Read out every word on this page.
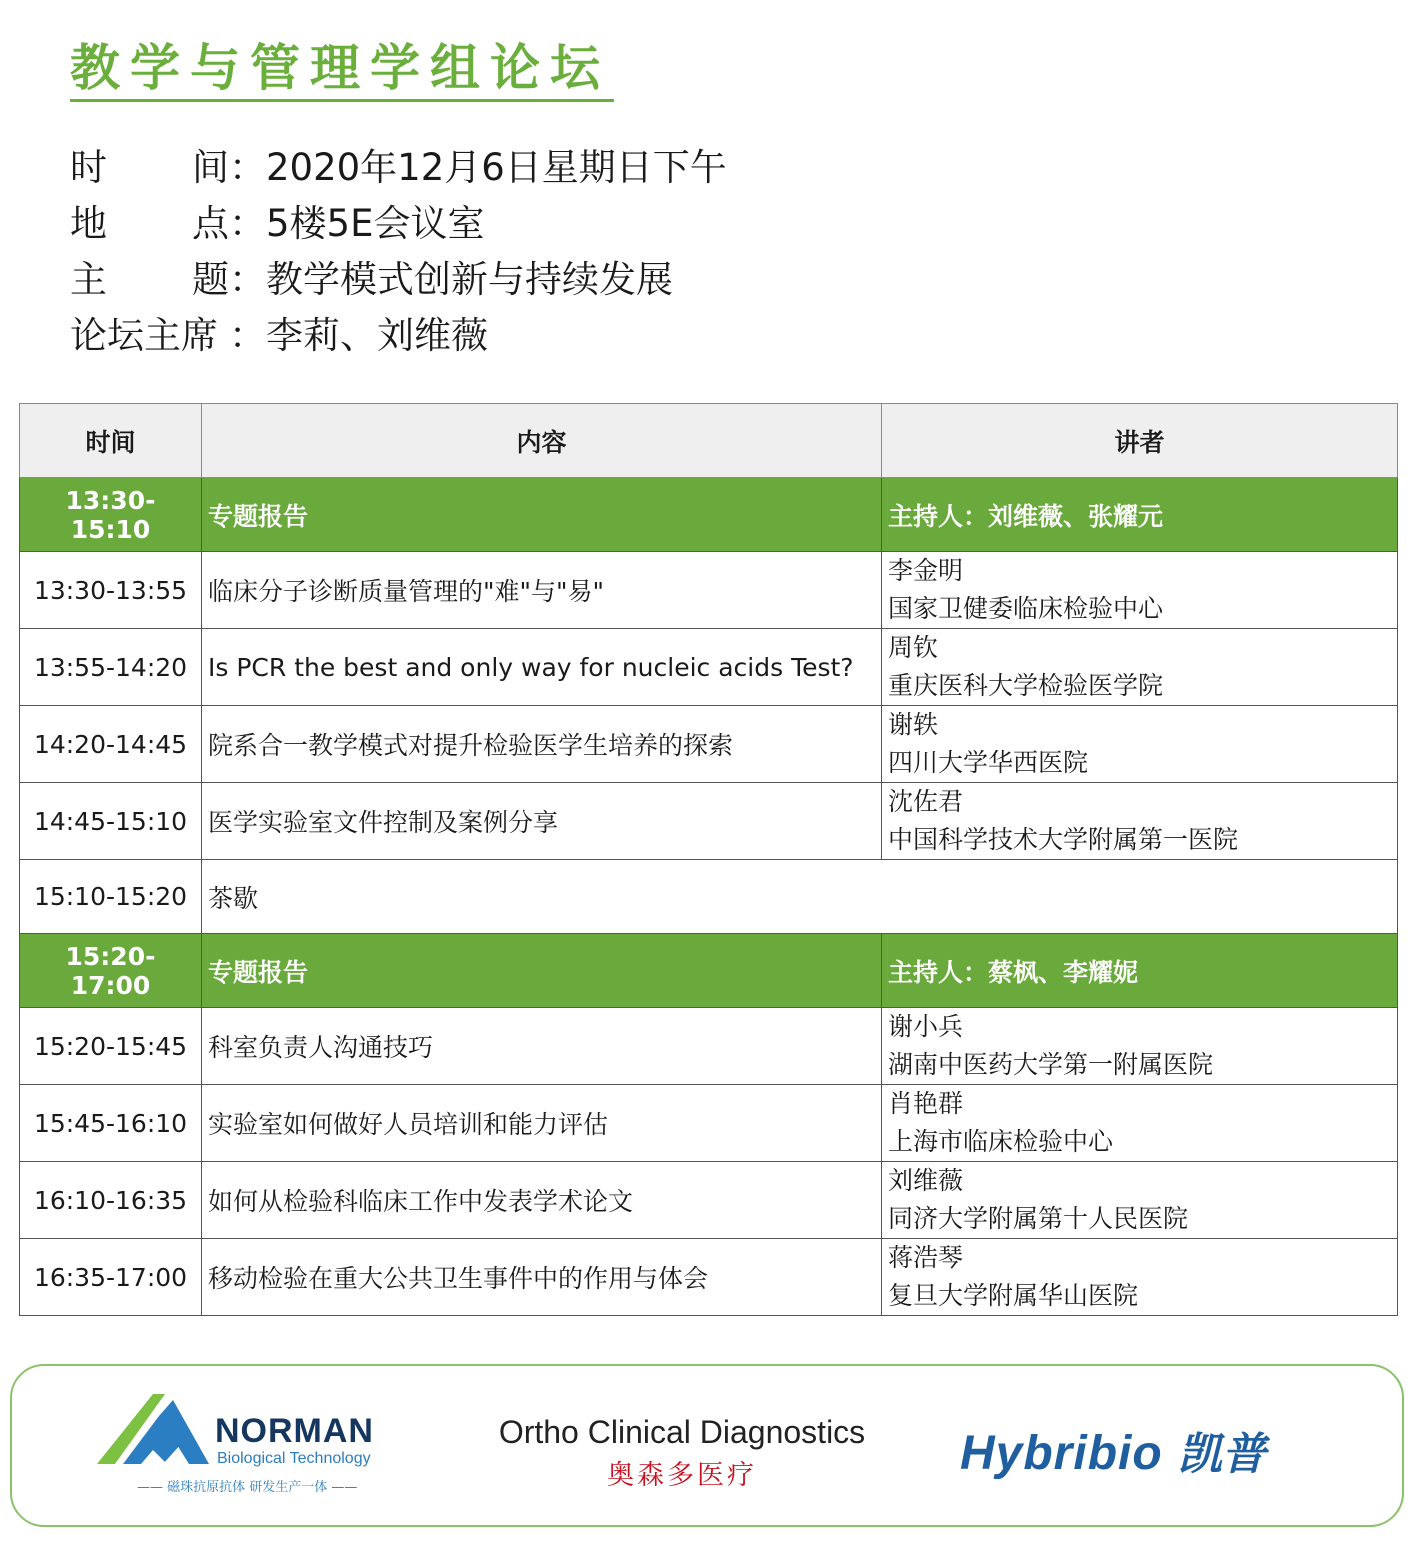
教学与管理学组论坛
时 间： 2020年12月6日星期日下午
地 点： 5楼5E会议室
主 题： 教学模式创新与持续发展
论坛主席 ： 李莉、刘维薇
时间	内容	讲者
13:30-15:10	专题报告	主持人：刘维薇、张耀元
13:30-13:55	临床分子诊断质量管理的"难"与"易"	李金明
国家卫健委临床检验中心

13:55-14:20	Is PCR the best and only way for nucleic acids Test?	周钦
重庆医科大学检验医学院

14:20-14:45	院系合一教学模式对提升检验医学生培养的探索	谢轶
四川大学华西医院

14:45-15:10	医学实验室文件控制及案例分享	沈佐君
中国科学技术大学附属第一医院

15:10-15:20	茶歇	
15:20-17:00	专题报告	主持人：蔡枫、李耀妮
15:20-15:45	科室负责人沟通技巧	谢小兵
湖南中医药大学第一附属医院

15:45-16:10	实验室如何做好人员培训和能力评估	肖艳群
上海市临床检验中心

16:10-16:35	如何从检验科临床工作中发表学术论文	刘维薇
同济大学附属第十人民医院

16:35-17:00	移动检验在重大公共卫生事件中的作用与体会	蒋浩琴
复旦大学附属华山医院
NORMAN
Biological Technology
—— 磁珠抗原抗体 研发生产一体 ——
Ortho Clinical Diagnostics
奥森多医疗	Hybribio 凯普
